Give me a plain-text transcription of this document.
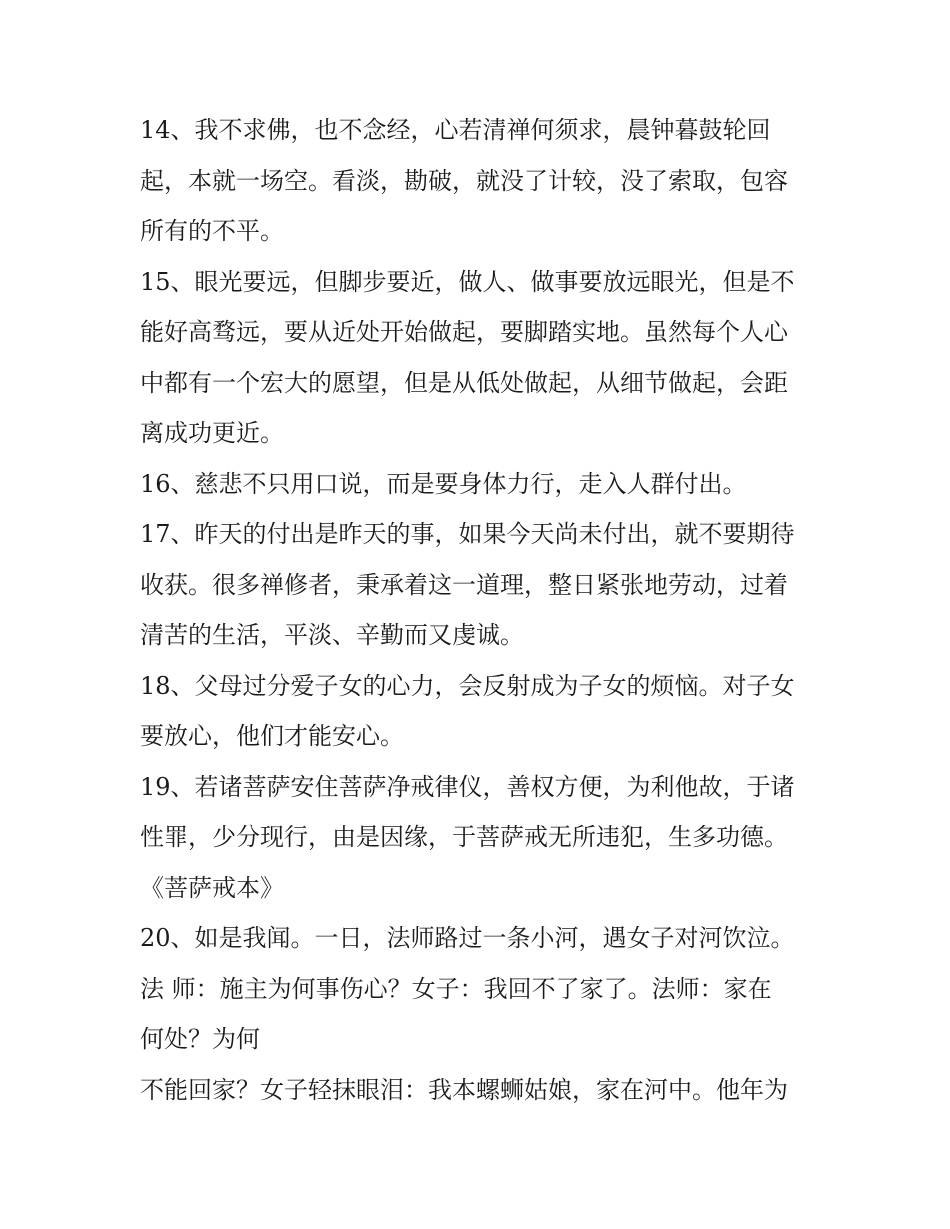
14、我不求佛，也不念经，心若清禅何须求，晨钟暮鼓轮回
起，本就一场空。看淡，勘破，就没了计较，没了索取，包容
所有的不平。
15、眼光要远，但脚步要近，做人、做事要放远眼光，但是不
能好高骛远，要从近处开始做起，要脚踏实地。虽然每个人心
中都有一个宏大的愿望，但是从低处做起，从细节做起，会距
离成功更近。
16、慈悲不只用口说，而是要身体力行，走入人群付出。
17、昨天的付出是昨天的事，如果今天尚未付出，就不要期待
收获。很多禅修者，秉承着这一道理，整日紧张地劳动，过着
清苦的生活，平淡、辛勤而又虔诚。
18、父母过分爱子女的心力，会反射成为子女的烦恼。对子女
要放心，他们才能安心。
19、若诸菩萨安住菩萨净戒律仪，善权方便，为利他故，于诸
性罪，少分现行，由是因缘，于菩萨戒无所违犯，生多功德。
《菩萨戒本》
20、如是我闻。一日，法师路过一条小河，遇女子对河饮泣。
法 师：施主为何事伤心？女子：我回不了家了。法师：家在
何处？为何
不能回家？女子轻抹眼泪：我本螺蛳姑娘，家在河中。他年为
